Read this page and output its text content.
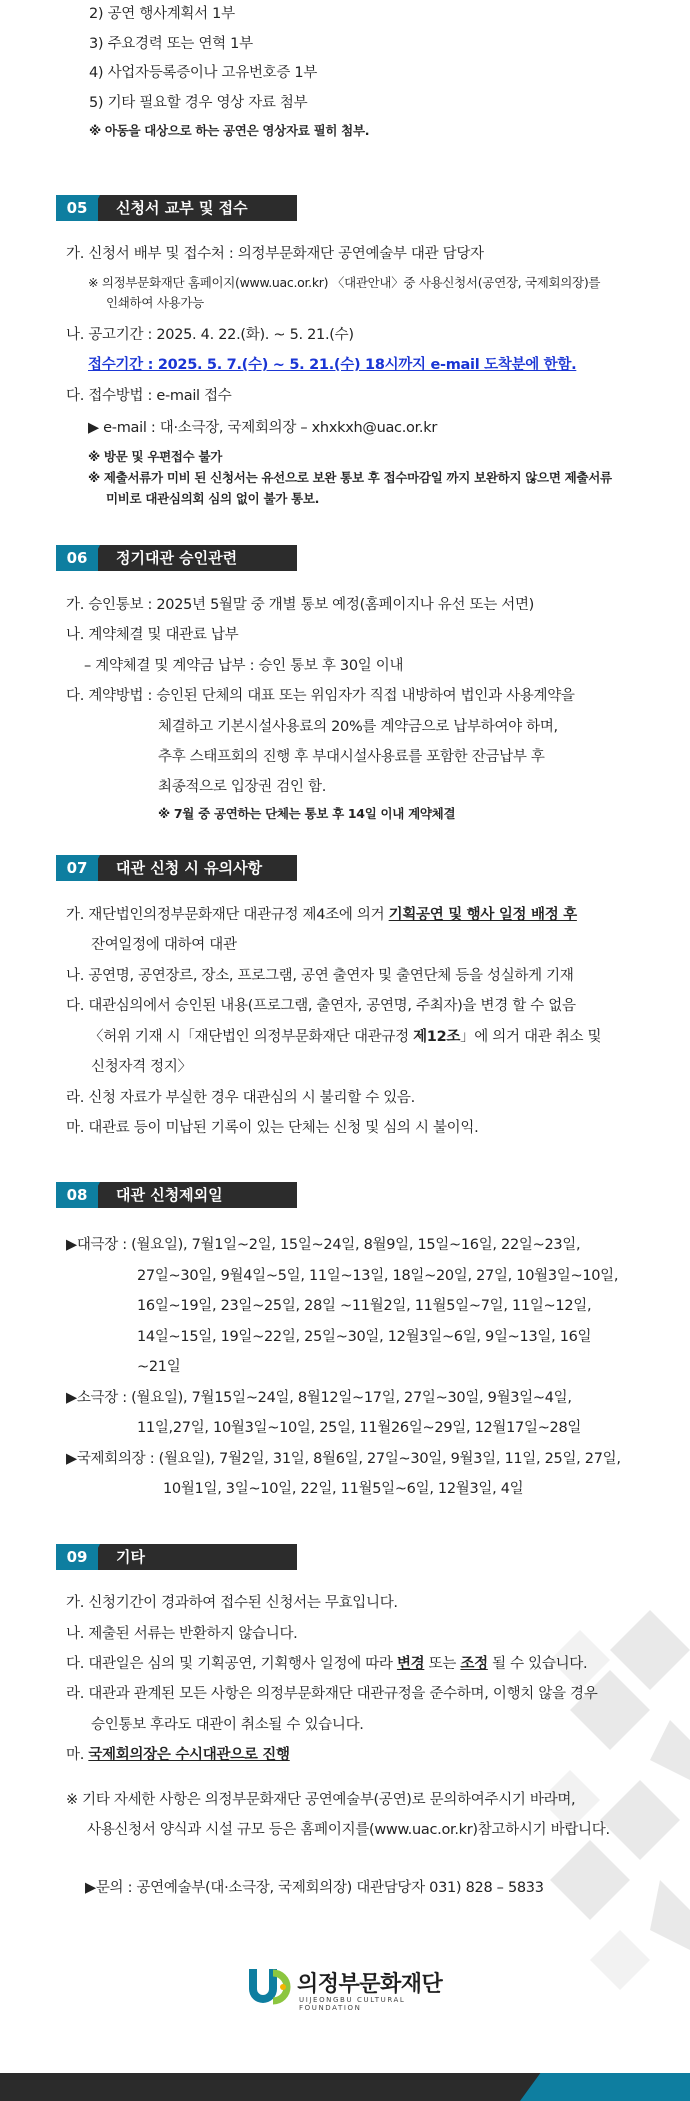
2) 공연 행사계획서 1부
3) 주요경력 또는 연혁 1부
4) 사업자등록증이나 고유번호증 1부
5) 기타 필요할 경우 영상 자료 첨부
※ 아동을 대상으로 하는 공연은 영상자료 필히 첨부.
신청서 교부 및 접수
05
가. 신청서 배부 및 접수처 : 의정부문화재단 공연예술부 대관 담당자
※ 의정부문화재단 홈페이지(www.uac.or.kr) 〈대관안내〉중 사용신청서(공연장, 국제회의장)를
인쇄하여 사용가능
나. 공고기간 : 2025. 4. 22.(화). ~ 5. 21.(수)
접수기간 : 2025. 5. 7.(수) ~ 5. 21.(수) 18시까지 e-mail 도착분에 한함.
다. 접수방법 : e-mail 접수
▶ e-mail : 대·소극장, 국제회의장 – xhxkxh@uac.or.kr
※ 방문 및 우편접수 불가
※ 제출서류가 미비 된 신청서는 유선으로 보완 통보 후 접수마감일 까지 보완하지 않으면 제출서류
미비로 대관심의회 심의 없이 불가 통보.
정기대관 승인관련
06
가. 승인통보 : 2025년 5월말 중 개별 통보 예정(홈페이지나 유선 또는 서면)
나. 계약체결 및 대관료 납부
– 계약체결 및 계약금 납부 : 승인 통보 후 30일 이내
다. 계약방법 : 승인된 단체의 대표 또는 위임자가 직접 내방하여 법인과 사용계약을
체결하고 기본시설사용료의 20%를 계약금으로 납부하여야 하며,
추후 스태프회의 진행 후 부대시설사용료를 포함한 잔금납부 후
최종적으로 입장권 검인 함.
※ 7월 중 공연하는 단체는 통보 후 14일 이내 계약체결
대관 신청 시 유의사항
07
가. 재단법인의정부문화재단 대관규정 제4조에 의거 기획공연 및 행사 일정 배정 후
잔여일정에 대하여 대관
나. 공연명, 공연장르, 장소, 프로그램, 공연 출연자 및 출연단체 등을 성실하게 기재
다. 대관심의에서 승인된 내용(프로그램, 출연자, 공연명, 주최자)을 변경 할 수 없음
〈허위 기재 시「재단법인 의정부문화재단 대관규정 제12조」에 의거 대관 취소 및
신청자격 정지〉
라. 신청 자료가 부실한 경우 대관심의 시 불리할 수 있음.
마. 대관료 등이 미납된 기록이 있는 단체는 신청 및 심의 시 불이익.
대관 신청제외일
08
▶대극장 : (월요일), 7월1일~2일, 15일~24일, 8월9일, 15일~16일, 22일~23일,
27일~30일, 9월4일~5일, 11일~13일, 18일~20일, 27일, 10월3일~10일,
16일~19일, 23일~25일, 28일 ~11월2일, 11월5일~7일, 11일~12일,
14일~15일, 19일~22일, 25일~30일, 12월3일~6일, 9일~13일, 16일
~21일
▶소극장 : (월요일), 7월15일~24일, 8월12일~17일, 27일~30일, 9월3일~4일,
11일,27일, 10월3일~10일, 25일, 11월26일~29일, 12월17일~28일
▶국제회의장 : (월요일), 7월2일, 31일, 8월6일, 27일~30일, 9월3일, 11일, 25일, 27일,
10월1일, 3일~10일, 22일, 11월5일~6일, 12월3일, 4일
기타
09
가. 신청기간이 경과하여 접수된 신청서는 무효입니다.
나. 제출된 서류는 반환하지 않습니다.
다. 대관일은 심의 및 기획공연, 기획행사 일정에 따라 변경 또는 조정 될 수 있습니다.
라. 대관과 관계된 모든 사항은 의정부문화재단 대관규정을 준수하며, 이행치 않을 경우
승인통보 후라도 대관이 취소될 수 있습니다.
마. 국제회의장은 수시대관으로 진행
※ 기타 자세한 사항은 의정부문화재단 공연예술부(공연)로 문의하여주시기 바라며,
사용신청서 양식과 시설 규모 등은 홈페이지를(www.uac.or.kr)참고하시기 바랍니다.
▶문의 : 공연예술부(대·소극장, 국제회의장) 대관담당자 031) 828 – 5833
의정부문화재단
UIJEONGBU CULTURAL FOUNDATION
